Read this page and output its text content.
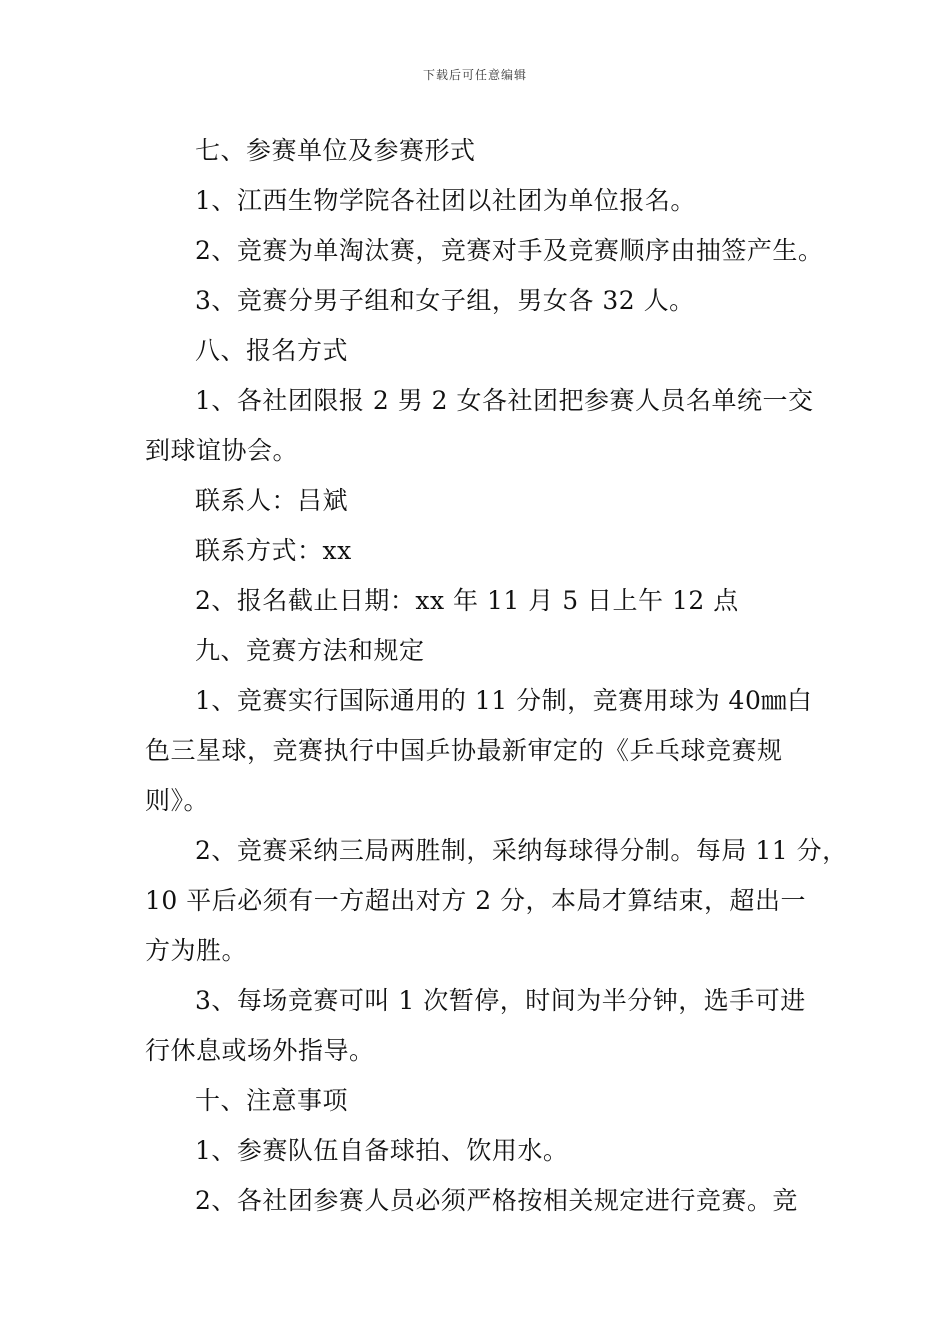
下载后可任意编辑
七、参赛单位及参赛形式
1、江西生物学院各社团以社团为单位报名。
2、竞赛为单淘汰赛，竞赛对手及竞赛顺序由抽签产生。
3、竞赛分男子组和女子组，男女各 32 人。
八、报名方式
1、各社团限报 2 男 2 女各社团把参赛人员名单统一交
到球谊协会。
联系人：吕斌
联系方式：xx
2、报名截止日期：xx 年 11 月 5 日上午 12 点
九、竞赛方法和规定
1、竞赛实行国际通用的 11 分制，竞赛用球为 40㎜白
色三星球，竞赛执行中国乒协最新审定的《乒乓球竞赛规
则》。
2、竞赛采纳三局两胜制，采纳每球得分制。每局 11 分，
10 平后必须有一方超出对方 2 分，本局才算结束，超出一
方为胜。
3、每场竞赛可叫 1 次暂停，时间为半分钟，选手可进
行休息或场外指导。
十、注意事项
1、参赛队伍自备球拍、饮用水。
2、各社团参赛人员必须严格按相关规定进行竞赛。竞
